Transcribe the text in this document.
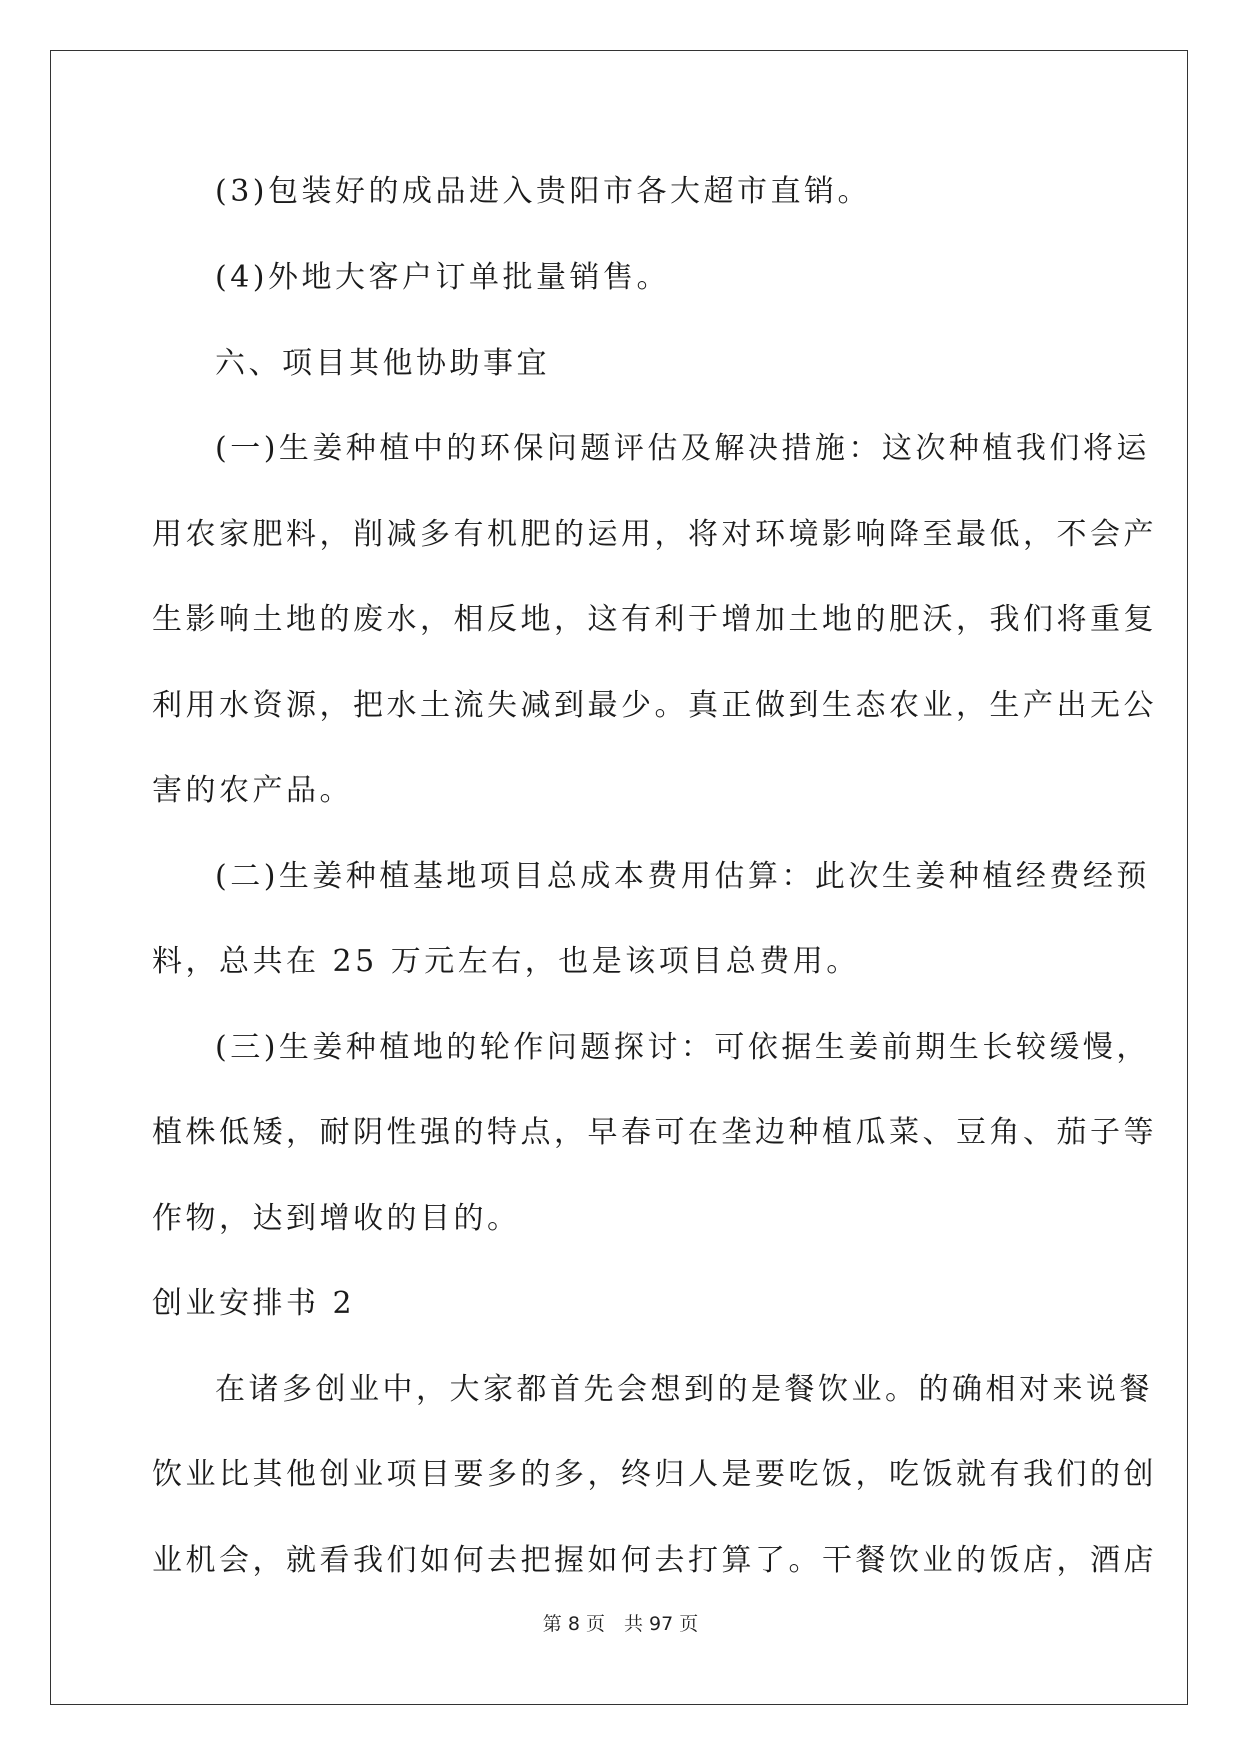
(3)包装好的成品进入贵阳市各大超市直销。
(4)外地大客户订单批量销售。
六、项目其他协助事宜
(一)生姜种植中的环保问题评估及解决措施：这次种植我们将运
用农家肥料，削减多有机肥的运用，将对环境影响降至最低，不会产
生影响土地的废水，相反地，这有利于增加土地的肥沃，我们将重复
利用水资源，把水土流失减到最少。真正做到生态农业，生产出无公
害的农产品。
(二)生姜种植基地项目总成本费用估算：此次生姜种植经费经预
料，总共在 25 万元左右，也是该项目总费用。
(三)生姜种植地的轮作问题探讨：可依据生姜前期生长较缓慢，
植株低矮，耐阴性强的特点，早春可在垄边种植瓜菜、豆角、茄子等
作物，达到增收的目的。
创业安排书 2
在诸多创业中，大家都首先会想到的是餐饮业。的确相对来说餐
饮业比其他创业项目要多的多，终归人是要吃饭，吃饭就有我们的创
业机会，就看我们如何去把握如何去打算了。干餐饮业的饭店，酒店
第 8 页　共 97 页
